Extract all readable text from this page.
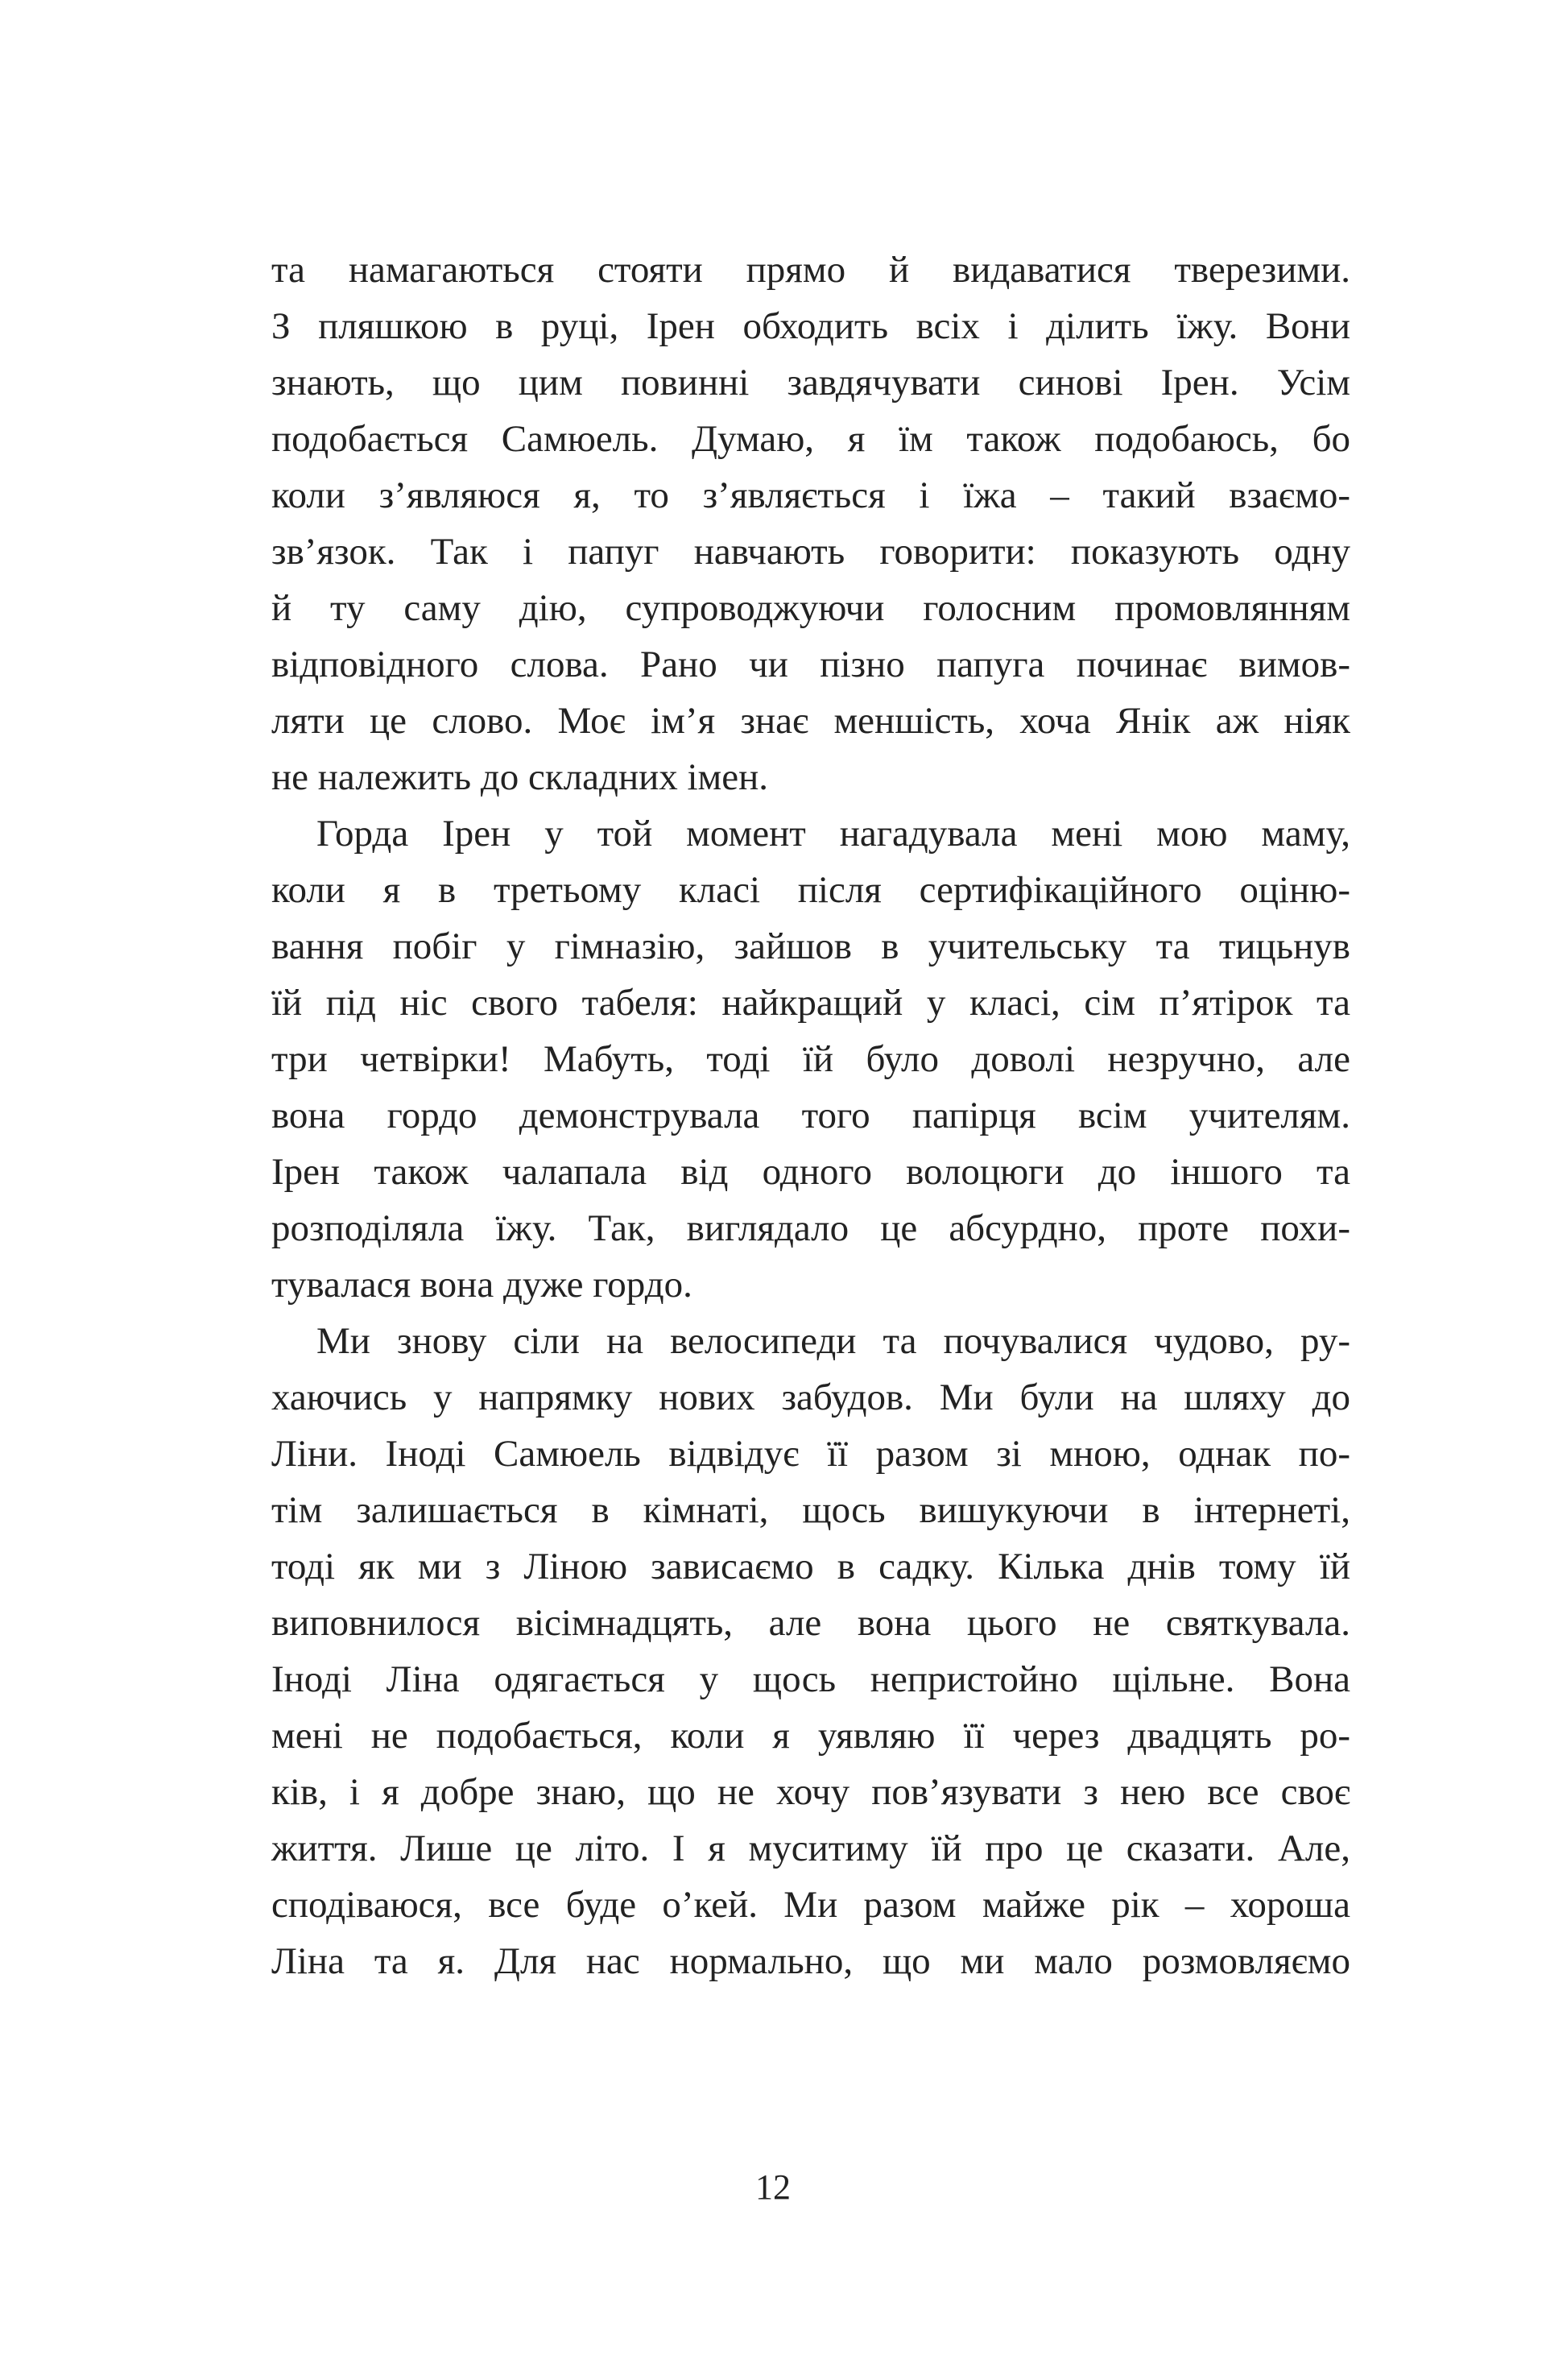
та намагаються стояти прямо й видаватися тверезими.
З пляшкою в руці, Ірен обходить всіх і ділить їжу. Вони
знають, що цим повинні завдячувати синові Ірен. Усім
подобається Самюель. Думаю, я їм також подобаюсь, бо
коли з’являюся я, то з’являється і їжа – такий взаємо-
зв’язок. Так і папуг навчають говорити: показують одну
й ту саму дію, супроводжуючи голосним промовлянням
відповідного слова. Рано чи пізно папуга починає вимов-
ляти це слово. Моє ім’я знає меншість, хоча Янік аж ніяк
не належить до складних імен.
Горда Ірен у той момент нагадувала мені мою маму,
коли я в третьому класі після сертифікаційного оціню-
вання побіг у гімназію, зайшов в учительську та тицьнув
їй під ніс свого табеля: найкращий у класі, сім п’ятірок та
три четвірки! Мабуть, тоді їй було доволі незручно, але
вона гордо демонструвала того папірця всім учителям.
Ірен також чалапала від одного волоцюги до іншого та
розподіляла їжу. Так, виглядало це абсурдно, проте похи-
тувалася вона дуже гордо.
Ми знову сіли на велосипеди та почувалися чудово, ру-
хаючись у напрямку нових забудов. Ми були на шляху до
Ліни. Іноді Самюель відвідує її разом зі мною, однак по-
тім залишається в кімнаті, щось вишукуючи в інтернеті,
тоді як ми з Ліною зависаємо в садку. Кілька днів тому їй
виповнилося вісімнадцять, але вона цього не святкувала.
Іноді Ліна одягається у щось непристойно щільне. Вона
мені не подобається, коли я уявляю її через двадцять ро-
ків, і я добре знаю, що не хочу пов’язувати з нею все своє
життя. Лише це літо. І я муситиму їй про це сказати. Але,
сподіваюся, все буде о’кей. Ми разом майже рік – хороша
Ліна та я. Для нас нормально, що ми мало розмовляємо
12
